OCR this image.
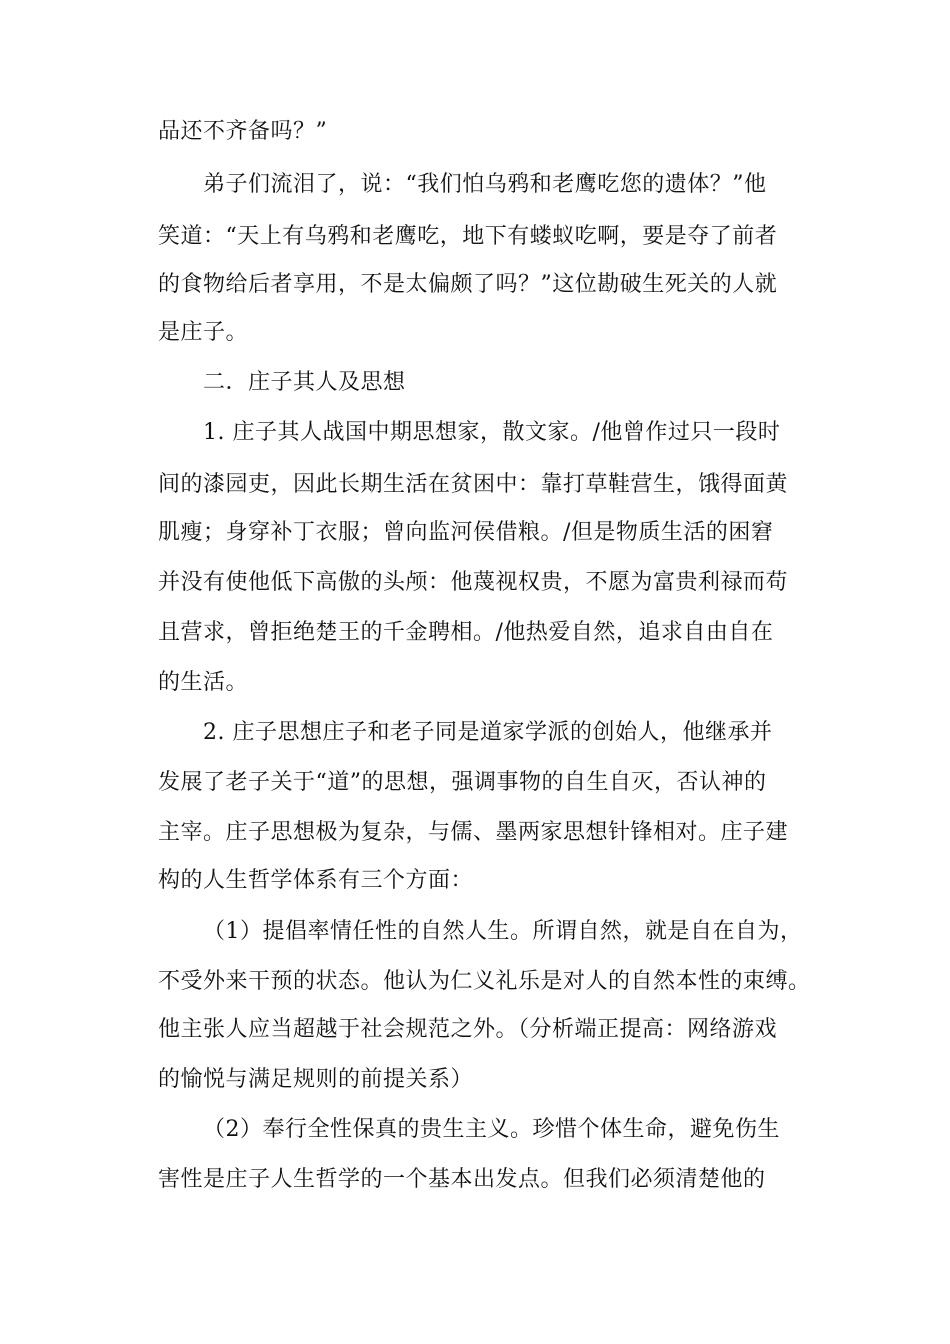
品还不齐备吗？”
弟子们流泪了，说：“我们怕乌鸦和老鹰吃您的遗体？”他
笑道：“天上有乌鸦和老鹰吃，地下有蝼蚁吃啊，要是夺了前者
的食物给后者享用，不是太偏颇了吗？”这位勘破生死关的人就
是庄子。
二．庄子其人及思想
1. 庄子其人战国中期思想家，散文家。/他曾作过只一段时
间的漆园吏，因此长期生活在贫困中：靠打草鞋营生，饿得面黄
肌瘦；身穿补丁衣服；曾向监河侯借粮。/但是物质生活的困窘
并没有使他低下高傲的头颅：他蔑视权贵，不愿为富贵利禄而苟
且营求，曾拒绝楚王的千金聘相。/他热爱自然，追求自由自在
的生活。
2. 庄子思想庄子和老子同是道家学派的创始人，他继承并
发展了老子关于“道”的思想，强调事物的自生自灭，否认神的
主宰。庄子思想极为复杂，与儒、墨两家思想针锋相对。庄子建
构的人生哲学体系有三个方面：
（1）提倡率情任性的自然人生。所谓自然，就是自在自为，
不受外来干预的状态。他认为仁义礼乐是对人的自然本性的束缚。
他主张人应当超越于社会规范之外。（分析端正提高：网络游戏
的愉悦与满足规则的前提关系）
（2）奉行全性保真的贵生主义。珍惜个体生命，避免伤生
害性是庄子人生哲学的一个基本出发点。但我们必须清楚他的
